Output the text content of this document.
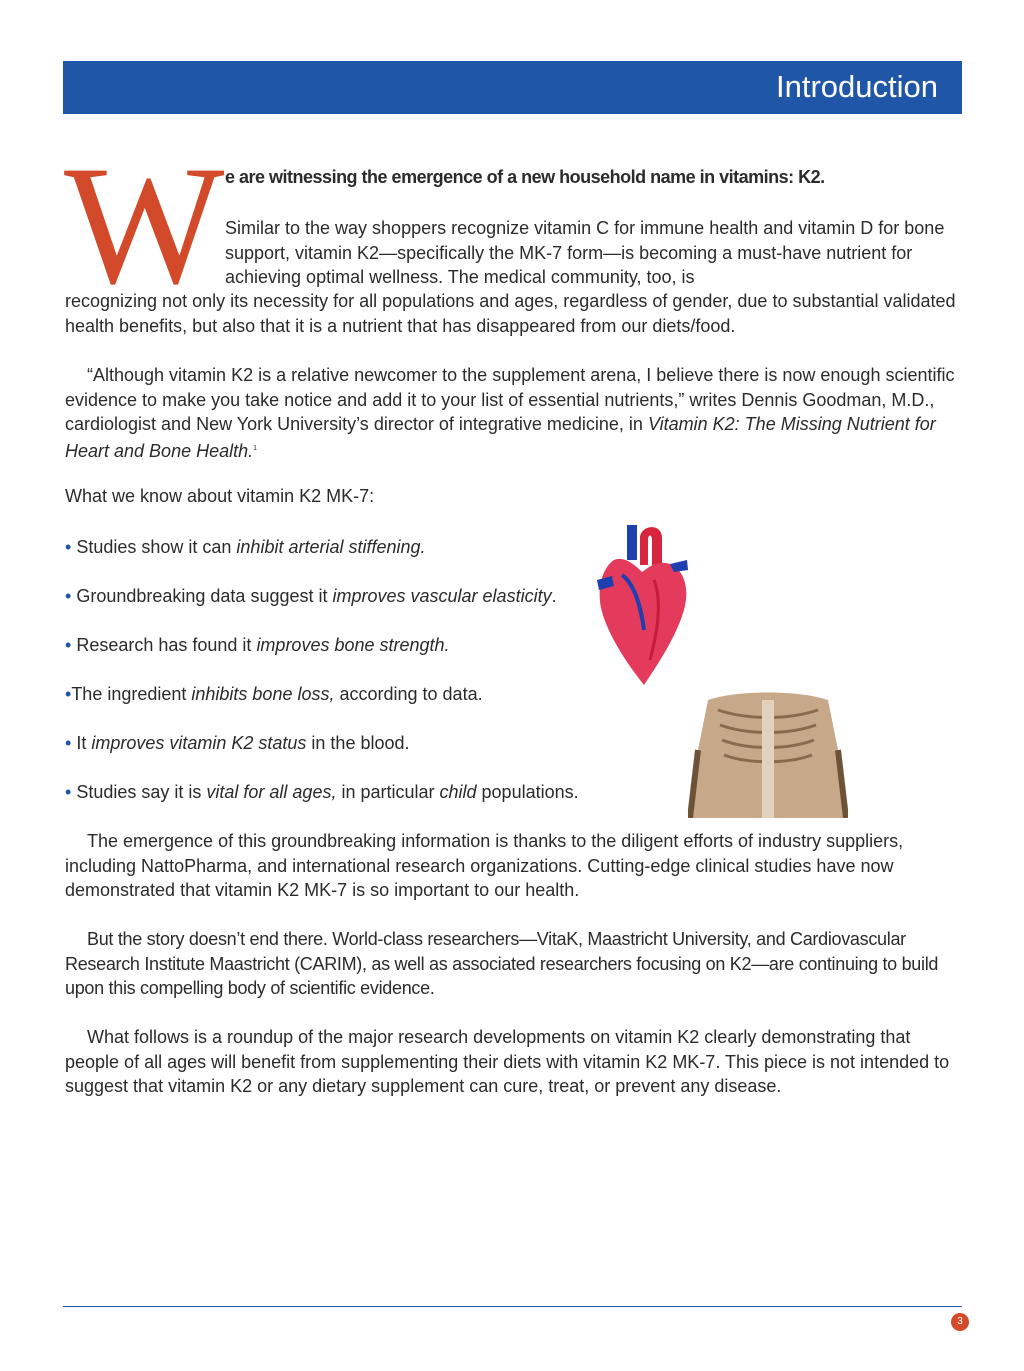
Introduction
W e are witnessing the emergence of a new household name in vitamins: K2.
Similar to the way shoppers recognize vitamin C for immune health and vitamin D for bone support, vitamin K2—specifically the MK-7 form—is becoming a must-have nutrient for achieving optimal wellness. The medical community, too, is
recognizing not only its necessity for all populations and ages, regardless of gender, due to substantial validated health benefits, but also that it is a nutrient that has disappeared from our diets/food.
“Although vitamin K2 is a relative newcomer to the supplement arena, I believe there is now enough scientific evidence to make you take notice and add it to your list of essential nutrients,” writes Dennis Goodman, M.D., cardiologist and New York University’s director of integrative medicine, in Vitamin K2: The Missing Nutrient for Heart and Bone Health.$^1$
What we know about vitamin K2 MK-7:
• Studies show it can inhibit arterial stiffening.
• Groundbreaking data suggest it improves vascular elasticity.
• Research has found it improves bone strength.
•The ingredient inhibits bone loss, according to data.
• It improves vitamin K2 status in the blood.
• Studies say it is vital for all ages, in particular child populations.
The emergence of this groundbreaking information is thanks to the diligent efforts of industry suppliers, including NattoPharma, and international research organizations. Cutting-edge clinical studies have now demonstrated that vitamin K2 MK-7 is so important to our health.
But the story doesn’t end there. World-class researchers—VitaK, Maastricht University, and Cardiovascular Research Institute Maastricht (CARIM), as well as associated researchers focusing on K2—are continuing to build upon this compelling body of scientific evidence.
What follows is a roundup of the major research developments on vitamin K2 clearly demonstrating that people of all ages will benefit from supplementing their diets with vitamin K2 MK-7. This piece is not intended to suggest that vitamin K2 or any dietary supplement can cure, treat, or prevent any disease.
3
